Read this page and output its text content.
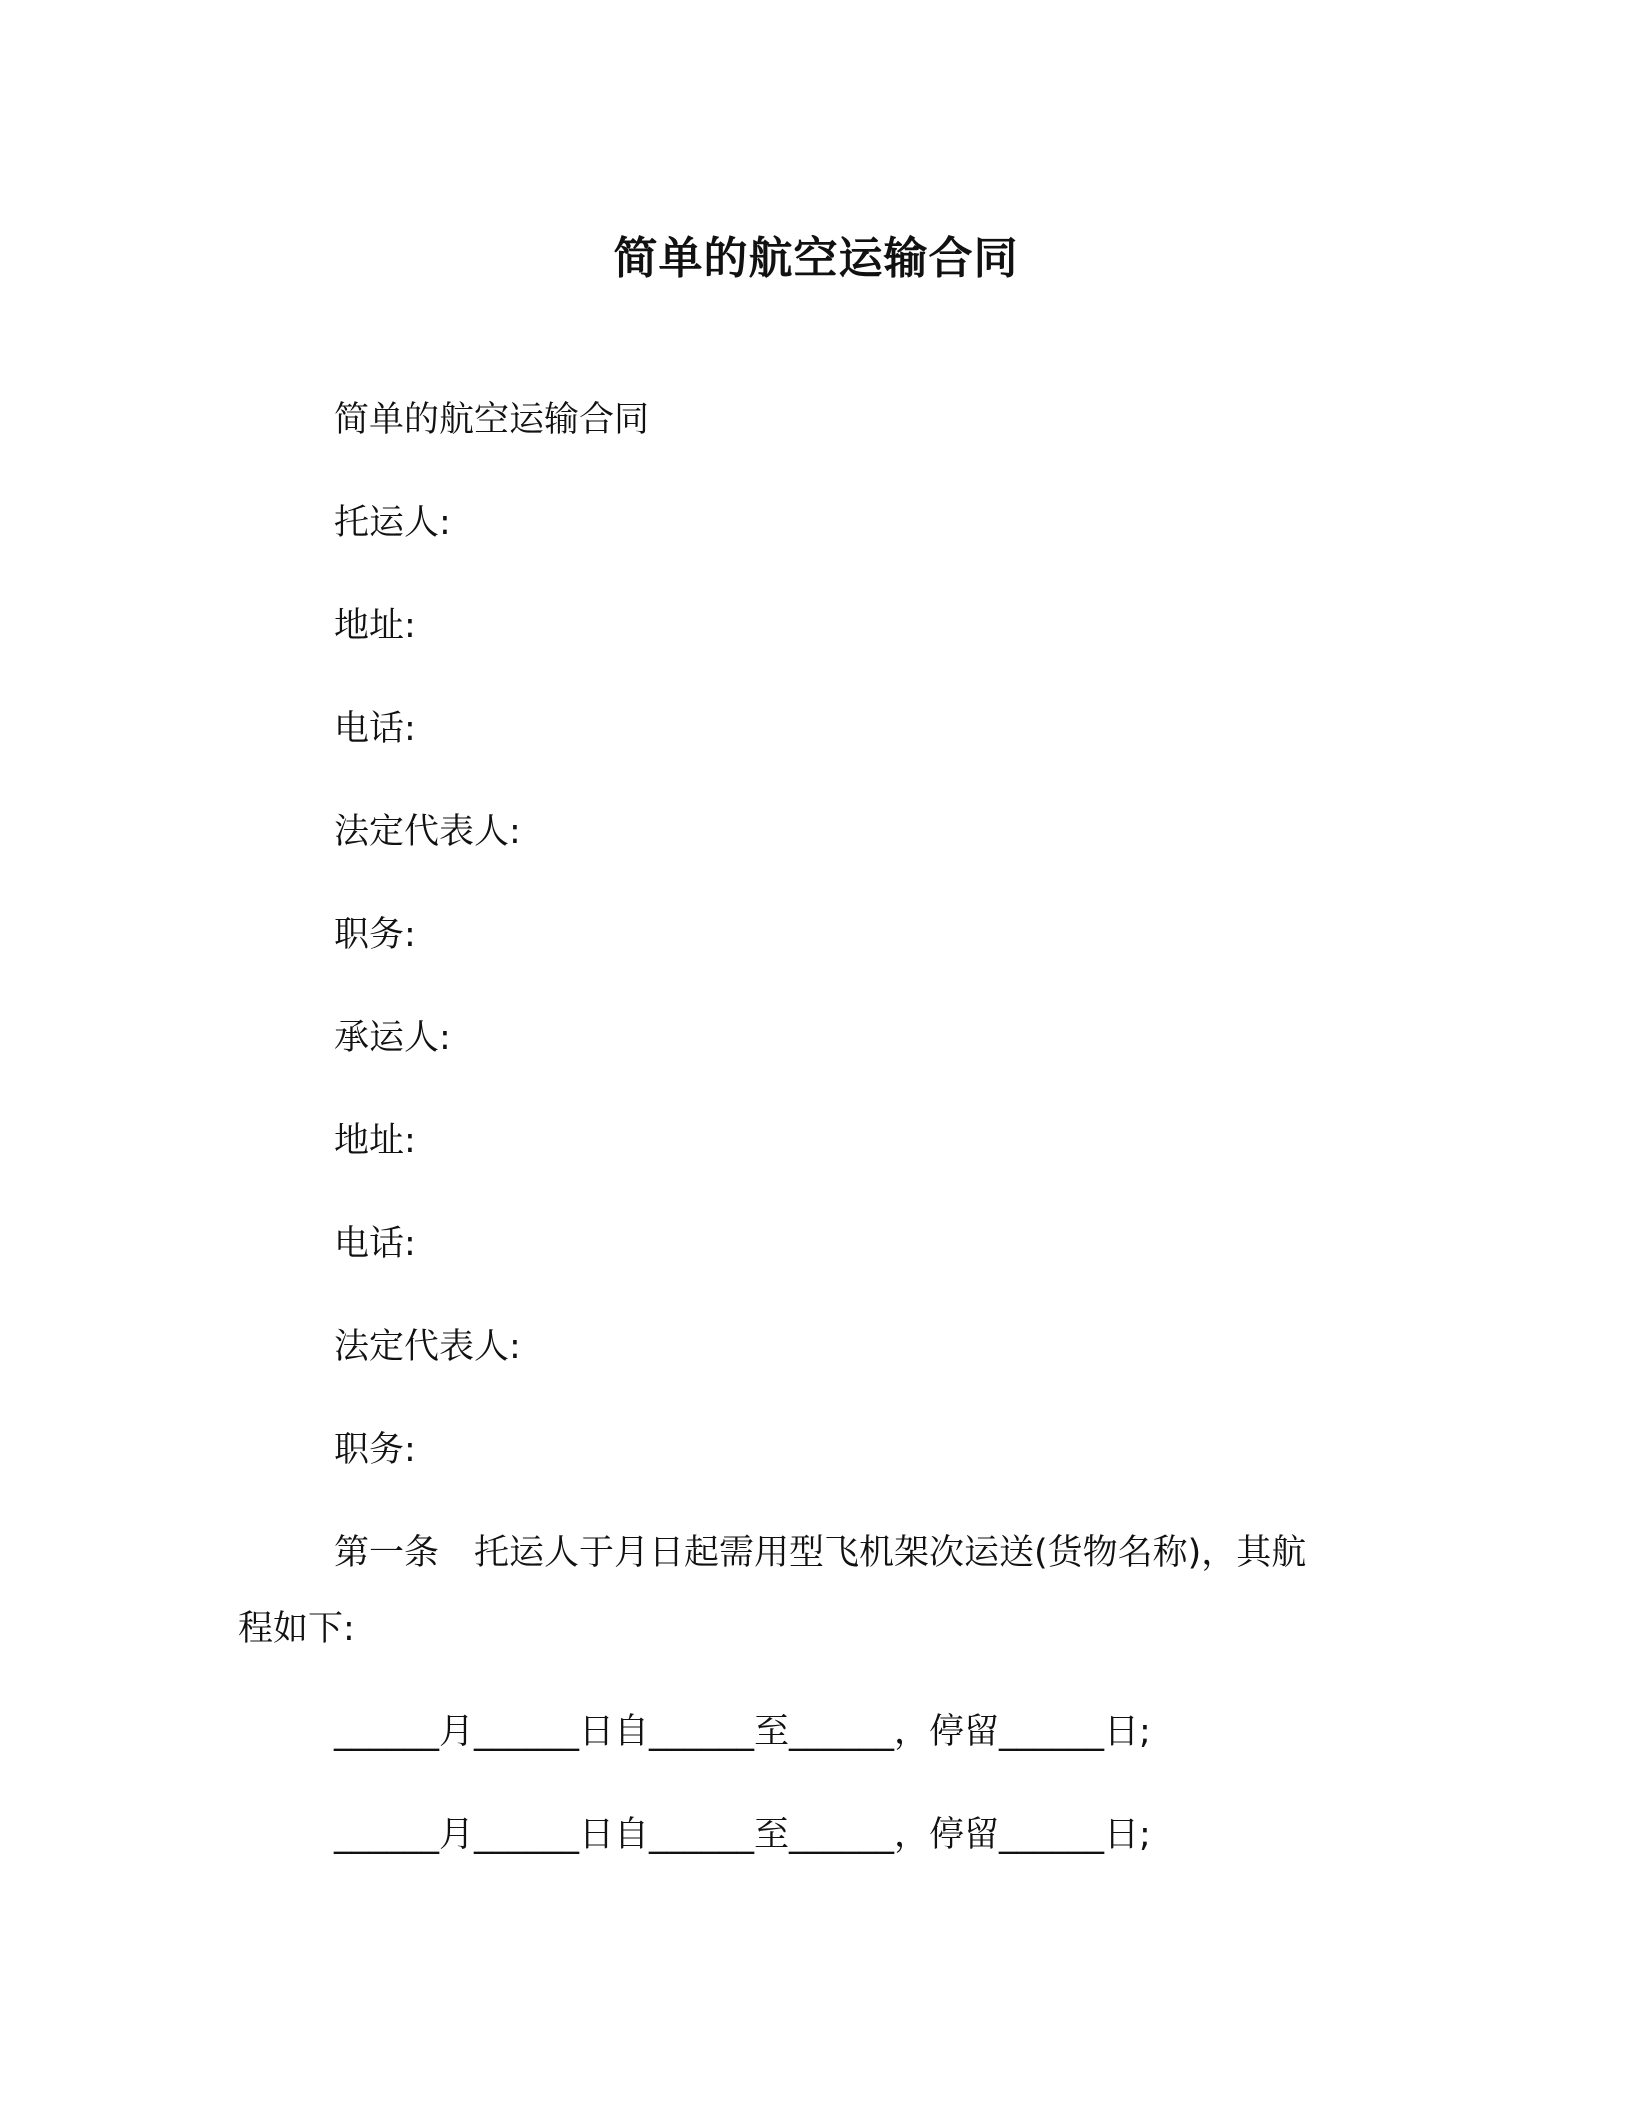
简单的航空运输合同
简单的航空运输合同
托运人:
地址:
电话:
法定代表人:
职务:
承运人:
地址:
电话:
法定代表人:
职务:
第一条　托运人于月日起需用型飞机架次运送(货物名称)，其航
程如下:
______月______日自______至______，停留______日;
______月______日自______至______，停留______日;
